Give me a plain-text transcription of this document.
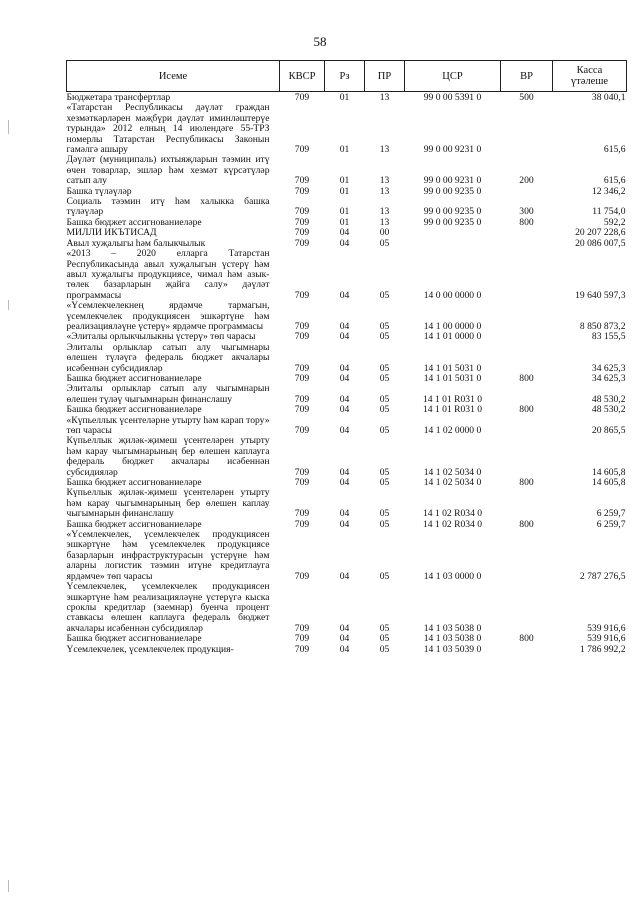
58
Исеме	КВСР	Рз	ПР	ЦСР	ВР	Касса
үтәлеше

Бюджетара трансфертлар	709	01	13	99 0 00 5391 0	500	38 040,1
«Татарстан Республикасы дәүләт граждан хезмәткәрләрен мәҗбүри дәүләт иминләштерүе турында» 2012 елның 14 июлендәге 55-ТРЗ номерлы Татарстан Республикасы Законын гамәлгә ашыру	709	01	13	99 0 00 9231 0		615,6
Дәүләт (муниципаль) ихтыяҗларын тәэмин итү өчен товарлар, эшләр һәм хезмәт күрсәтүләр сатып алу	709	01	13	99 0 00 9231 0	200	615,6
Башка түләүләр	709	01	13	99 0 00 9235 0		12 346,2
Социаль тәэмин итү һәм халыкка башка түләүләр	709	01	13	99 0 00 9235 0	300	11 754,0
Башка бюджет ассигнованиеләре	709	01	13	99 0 00 9235 0	800	592,2
МИЛЛИ ИКЪТИСАД	709	04	00			20 207 228,6
Авыл хуҗалыгы һәм балыкчылык	709	04	05			20 086 007,5
«2013 – 2020 елларга Татарстан Республикасында авыл хуҗалыгын үстерү һәм авыл хуҗалыгы продукциясе, чимал һәм азык-төлек базарларын җайга салу» дәүләт программасы	709	04	05	14 0 00 0000 0		19 640 597,3
«Үсемлекчелекнең ярдәмче тармагын, үсемлекчелек продукциясен эшкәртүне һәм реализацияләүне үстерү» ярдәмче программасы	709	04	05	14 1 00 0000 0		8 850 873,2
«Элиталы орлыкчылыкны үстерү» төп чарасы	709	04	05	14 1 01 0000 0		83 155,5
Элиталы орлыклар сатып алу чыгымнары өлешен түләүгә федераль бюджет акчалары исәбеннән субсидияләр	709	04	05	14 1 01 5031 0		34 625,3
Башка бюджет ассигнованиеләре	709	04	05	14 1 01 5031 0	800	34 625,3
Элиталы орлыклар сатып алу чыгымнарын өлешен түләү чыгымнарын финанслашу	709	04	05	14 1 01 R031 0		48 530,2
Башка бюджет ассигнованиеләре	709	04	05	14 1 01 R031 0	800	48 530,2
«Күпьеллык үсентеләрне утырту һәм карап тору» төп чарасы	709	04	05	14 1 02 0000 0		20 865,5
Күпьеллык җиләк-җимеш үсентеләрен утырту һәм карау чыгымнарының бер өлешен каплауга федераль бюджет акчалары исәбеннән субсидияләр	709	04	05	14 1 02 5034 0		14 605,8
Башка бюджет ассигнованиеләре	709	04	05	14 1 02 5034 0	800	14 605,8
Күпьеллык җиләк-җимеш үсентеләрен утырту һәм карау чыгымнарының бер өлешен каплау чыгымнарын финанслашу	709	04	05	14 1 02 R034 0		6 259,7
Башка бюджет ассигнованиеләре	709	04	05	14 1 02 R034 0	800	6 259,7
«Үсемлекчелек, үсемлекчелек продукциясен эшкәртүне һәм үсемлекчелек продукциясе базарларын инфраструктурасын үстерүне һәм аларны логистик тәэмин итүне кредитлауга ярдәмче» төп чарасы	709	04	05	14 1 03 0000 0		2 787 276,5
Үсемлекчелек, үсемлекчелек продукциясен эшкәртүне һәм реализацияләүне үстерүгә кыска сроклы кредитлар (заемнар) буенча процент ставкасы өлешен каплауга федераль бюджет акчалары исәбеннән субсидияләр	709	04	05	14 1 03 5038 0		539 916,6
Башка бюджет ассигнованиеләре	709	04	05	14 1 03 5038 0	800	539 916,6
Үсемлекчелек, үсемлекчелек продукция-	709	04	05	14 1 03 5039 0		1 786 992,2
